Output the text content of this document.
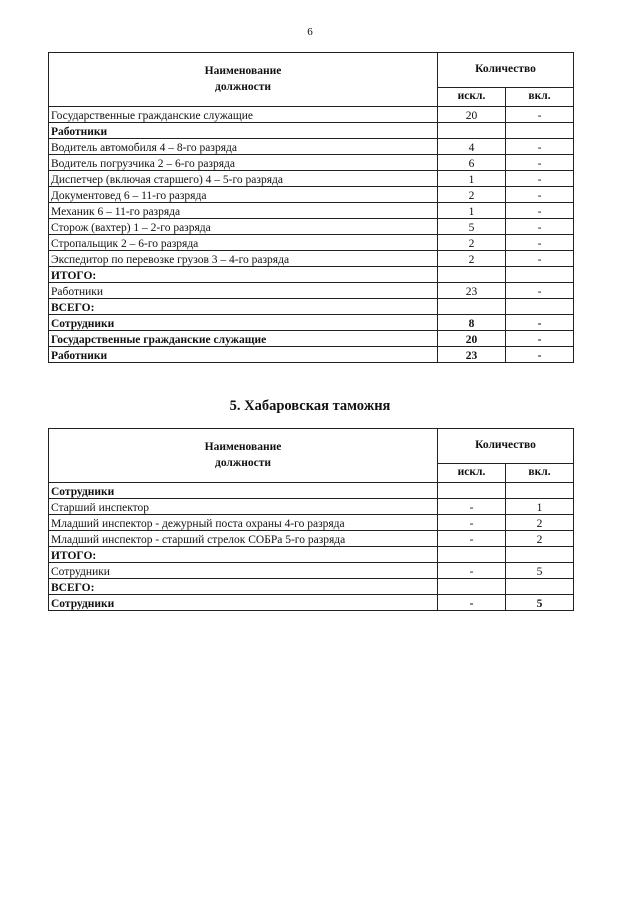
6
Наименование
должности	Количество	
	искл.	вкл.
Государственные гражданские служащие	20	-
Работники		
Водитель автомобиля 4 – 8-го разряда	4	-
Водитель погрузчика 2 – 6-го разряда	6	-
Диспетчер (включая старшего) 4 – 5-го разряда	1	-
Документовед 6 – 11-го разряда	2	-
Механик 6 – 11-го разряда	1	-
Сторож (вахтер) 1 – 2-го разряда	5	-
Стропальщик 2 – 6-го разряда	2	-
Экспедитор по перевозке грузов 3 – 4-го разряда	2	-
ИТОГО:		
Работники	23	-
ВСЕГО:		
Сотрудники	8	-
Государственные гражданские служащие	20	-
Работники	23	-
5. Хабаровская таможня
Наименование
должности	Количество	
	искл.	вкл.
Сотрудники		
Старший инспектор	-	1
Младший инспектор - дежурный поста охраны 4-го разряда	-	2
Младший инспектор - старший стрелок СОБРа 5-го разряда	-	2
ИТОГО:		
Сотрудники	-	5
ВСЕГО:		
Сотрудники	-	5
